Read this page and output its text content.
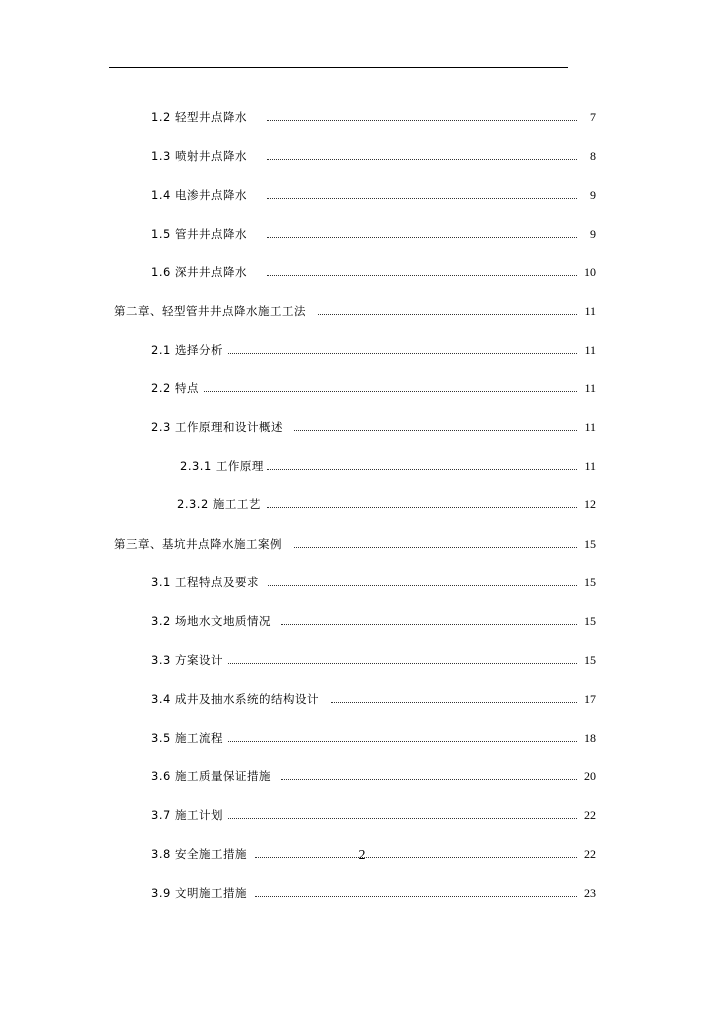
1.2 轻型井点降水	7
1.3 喷射井点降水	8
1.4 电渗井点降水	9
1.5 管井井点降水	9
1.6 深井井点降水	10
第二章、轻型管井井点降水施工工法	11
2.1 选择分析	11
2.2 特点	11
2.3 工作原理和设计概述	11
2.3.1 工作原理	11
2.3.2 施工工艺	12
第三章、基坑井点降水施工案例	15
3.1 工程特点及要求	15
3.2 场地水文地质情况	15
3.3 方案设计	15
3.4 成井及抽水系统的结构设计	17
3.5 施工流程	18
3.6 施工质量保证措施	20
3.7 施工计划	22
3.8 安全施工措施	22
3.9 文明施工措施	23
2
